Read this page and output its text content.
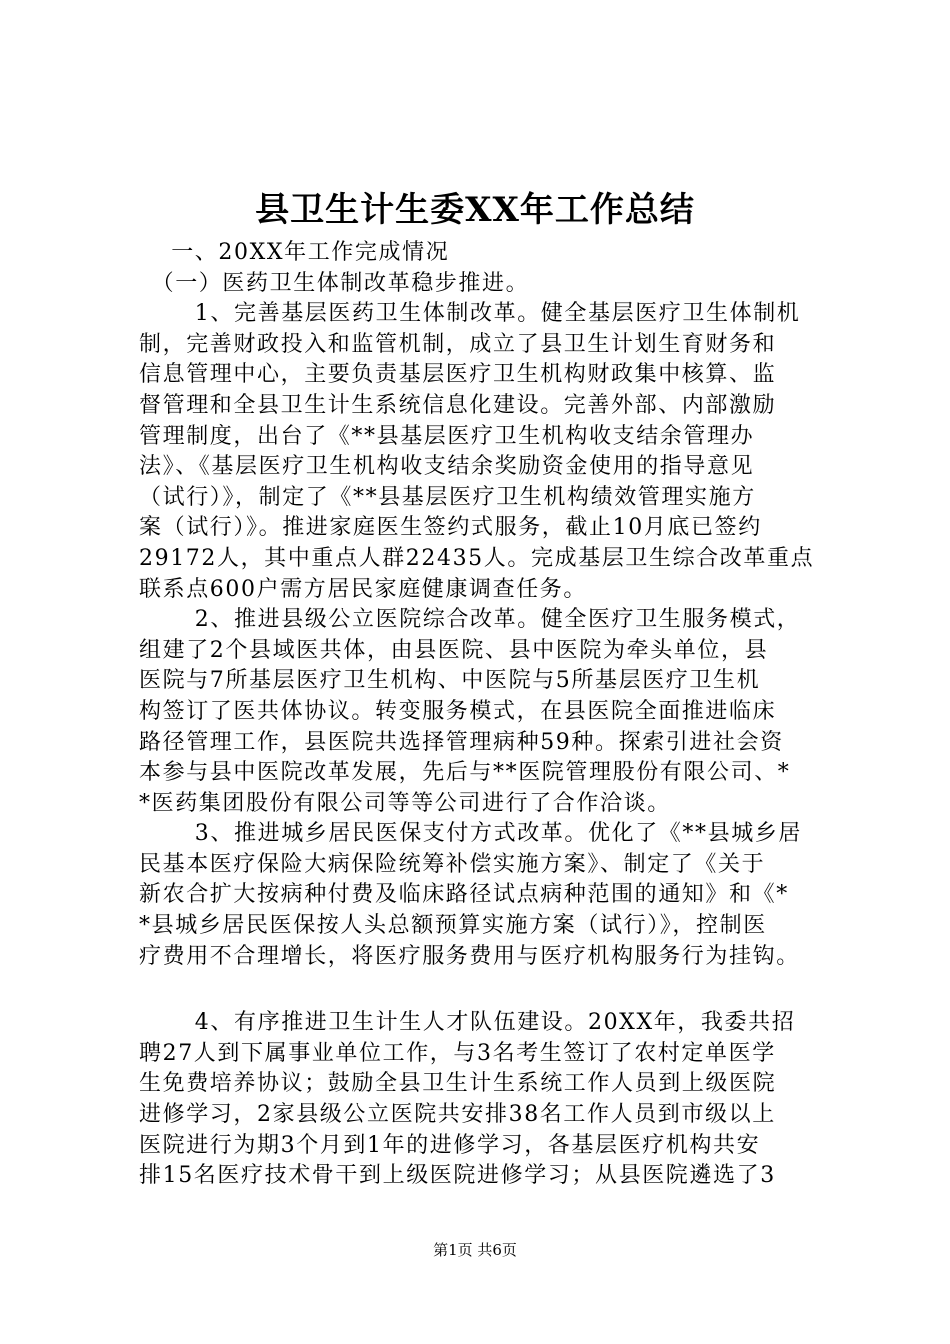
县卫生计生委XX年工作总结
　 一、20XX年工作完成情况
　（一）医药卫生体制改革稳步推进。
　 　1、完善基层医药卫生体制改革。健全基层医疗卫生体制机
制，完善财政投入和监管机制，成立了县卫生计划生育财务和
信息管理中心，主要负责基层医疗卫生机构财政集中核算、监
督管理和全县卫生计生系统信息化建设。完善外部、内部激励
管理制度，出台了《**县基层医疗卫生机构收支结余管理办
法》、《基层医疗卫生机构收支结余奖励资金使用的指导意见
（试行）》，制定了《**县基层医疗卫生机构绩效管理实施方
案（试行）》。推进家庭医生签约式服务，截止10月底已签约
29172人，其中重点人群22435人。完成基层卫生综合改革重点
联系点600户需方居民家庭健康调查任务。
　 　2、推进县级公立医院综合改革。健全医疗卫生服务模式，
组建了2个县域医共体，由县医院、县中医院为牵头单位，县
医院与7所基层医疗卫生机构、中医院与5所基层医疗卫生机
构签订了医共体协议。转变服务模式，在县医院全面推进临床
路径管理工作，县医院共选择管理病种59种。探索引进社会资
本参与县中医院改革发展，先后与**医院管理股份有限公司、*
*医药集团股份有限公司等等公司进行了合作洽谈。
　 　3、推进城乡居民医保支付方式改革。优化了《**县城乡居
民基本医疗保险大病保险统筹补偿实施方案》、制定了《关于
新农合扩大按病种付费及临床路径试点病种范围的通知》和《*
*县城乡居民医保按人头总额预算实施方案（试行）》，控制医
疗费用不合理增长，将医疗服务费用与医疗机构服务行为挂钩。
　 　4、有序推进卫生计生人才队伍建设。20XX年，我委共招
聘27人到下属事业单位工作，与3名考生签订了农村定单医学
生免费培养协议；鼓励全县卫生计生系统工作人员到上级医院
进修学习，2家县级公立医院共安排38名工作人员到市级以上
医院进行为期3个月到1年的进修学习，各基层医疗机构共安
排15名医疗技术骨干到上级医院进修学习；从县医院遴选了3
第1页 共6页
